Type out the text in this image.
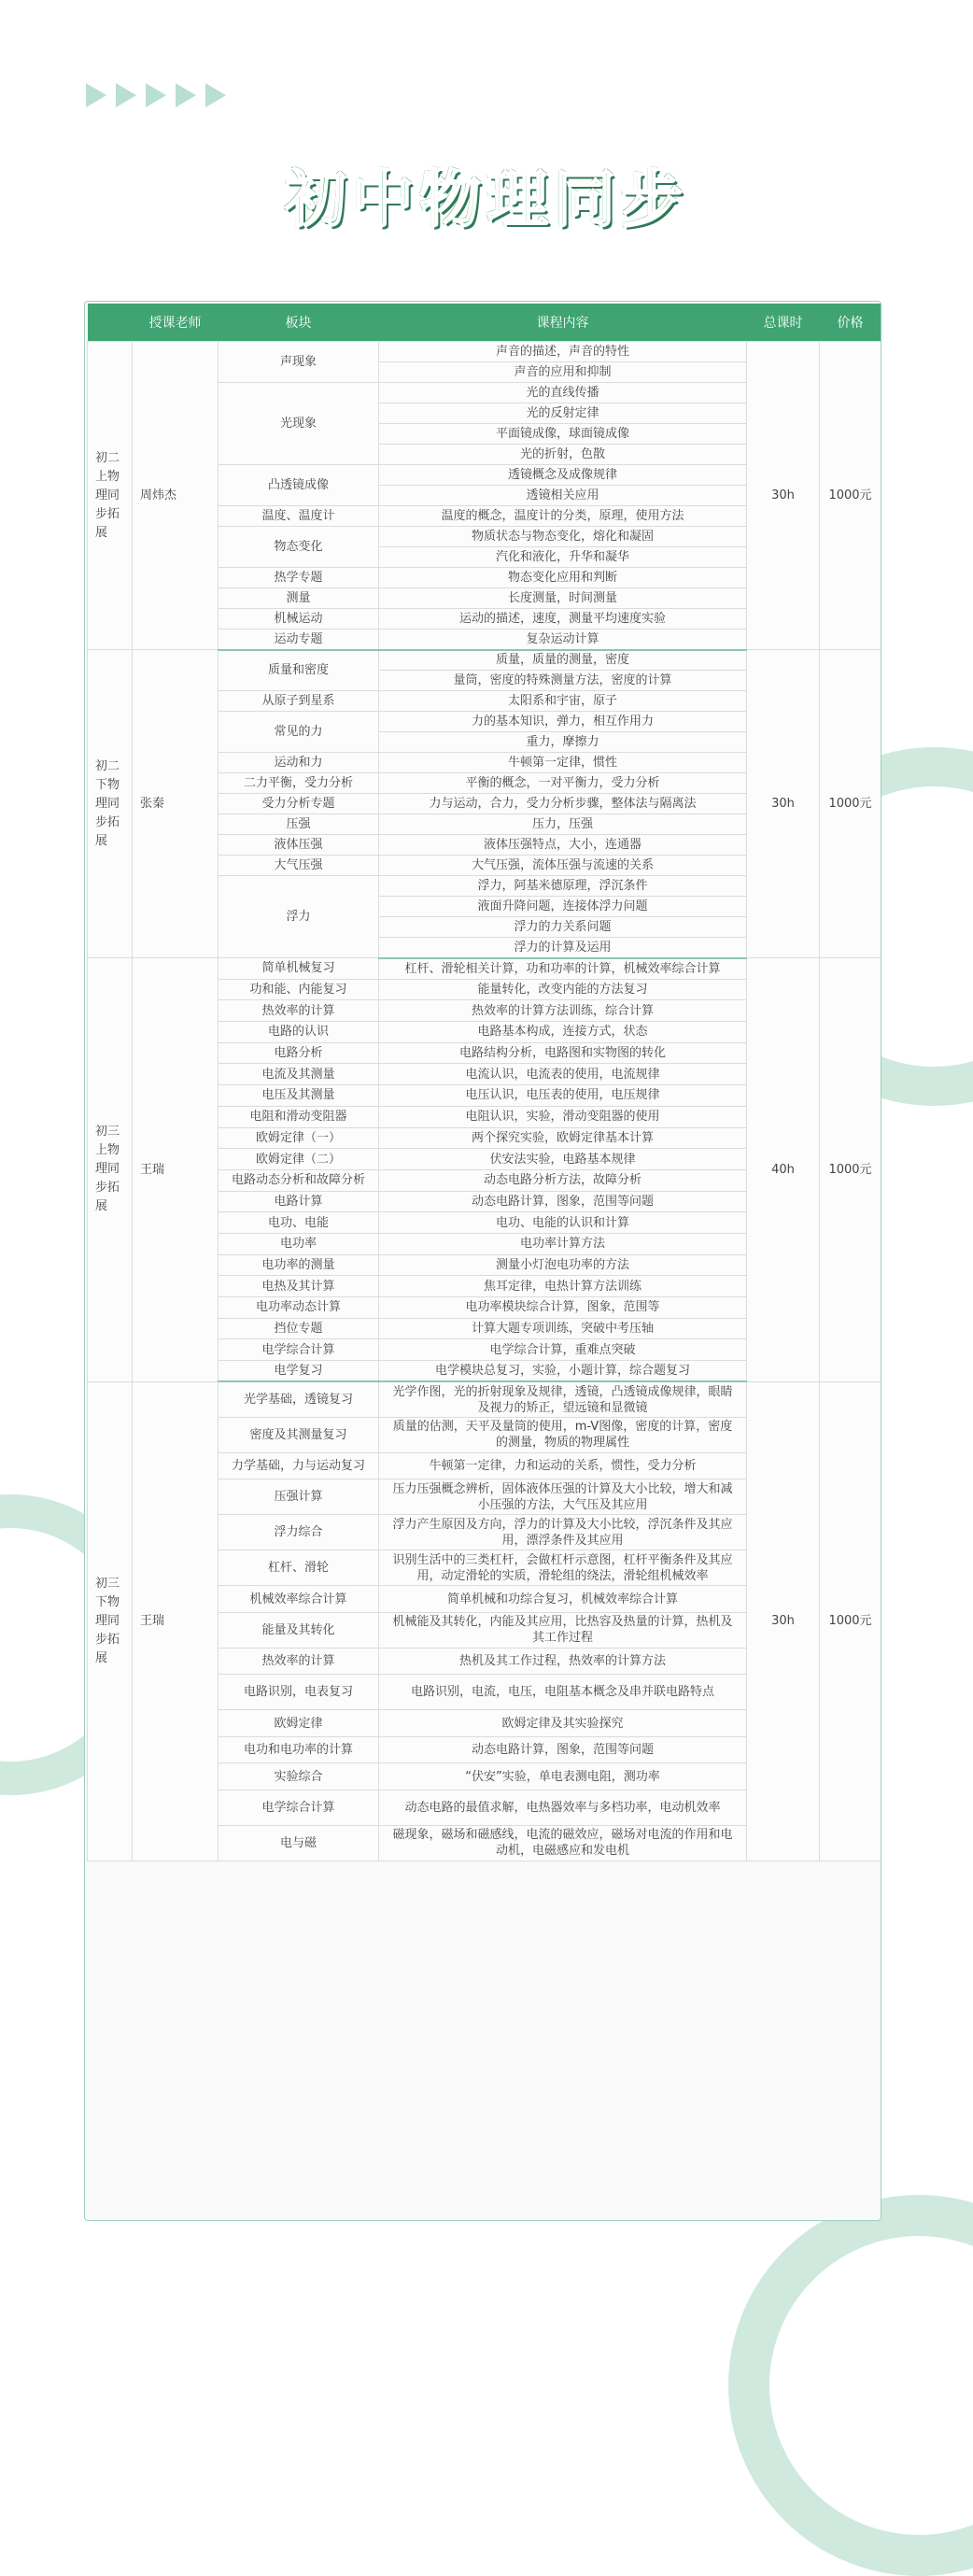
初中物理同步
	授课老师	板块	课程内容	总课时	价格
初二上物理同步拓展	周炜杰	声现象	声音的描述，声音的特性	30h	1000元
			声音的应用和抑制		
		光现象	光的直线传播		
			光的反射定律		
			平面镜成像，球面镜成像		
			光的折射，色散		
		凸透镜成像	透镜概念及成像规律		
			透镜相关应用		
		温度、温度计	温度的概念，温度计的分类，原理，使用方法		
		物态变化	物质状态与物态变化，熔化和凝固		
			汽化和液化，升华和凝华		
		热学专题	物态变化应用和判断		
		测量	长度测量，时间测量		
		机械运动	运动的描述，速度，测量平均速度实验		
		运动专题	复杂运动计算		
初二下物理同步拓展	张秦	质量和密度	质量，质量的测量，密度	30h	1000元
			量筒，密度的特殊测量方法，密度的计算		
		从原子到星系	太阳系和宇宙，原子		
		常见的力	力的基本知识，弹力，相互作用力		
			重力，摩擦力		
		运动和力	牛顿第一定律，惯性		
		二力平衡，受力分析	平衡的概念，一对平衡力，受力分析		
		受力分析专题	力与运动，合力，受力分析步骤，整体法与隔离法		
		压强	压力，压强		
		液体压强	液体压强特点，大小，连通器		
		大气压强	大气压强，流体压强与流速的关系		
		浮力	浮力，阿基米德原理，浮沉条件		
			液面升降问题，连接体浮力问题		
			浮力的力关系问题		
			浮力的计算及运用		
初三上物理同步拓展	王瑞	简单机械复习	杠杆、滑轮相关计算，功和功率的计算，机械效率综合计算	40h	1000元
		功和能、内能复习	能量转化，改变内能的方法复习		
		热效率的计算	热效率的计算方法训练，综合计算		
		电路的认识	电路基本构成，连接方式，状态		
		电路分析	电路结构分析，电路图和实物图的转化		
		电流及其测量	电流认识，电流表的使用，电流规律		
		电压及其测量	电压认识，电压表的使用，电压规律		
		电阻和滑动变阻器	电阻认识，实验，滑动变阻器的使用		
		欧姆定律（一）	两个探究实验，欧姆定律基本计算		
		欧姆定律（二）	伏安法实验，电路基本规律		
		电路动态分析和故障分析	动态电路分析方法，故障分析		
		电路计算	动态电路计算，图象，范围等问题		
		电功、电能	电功、电能的认识和计算		
		电功率	电功率计算方法		
		电功率的测量	测量小灯泡电功率的方法		
		电热及其计算	焦耳定律，电热计算方法训练		
		电功率动态计算	电功率模块综合计算，图象，范围等		
		挡位专题	计算大题专项训练，突破中考压轴		
		电学综合计算	电学综合计算，重难点突破		
		电学复习	电学模块总复习，实验，小题计算，综合题复习		
初三下物理同步拓展	王瑞	光学基础，透镜复习	光学作图，光的折射现象及规律，透镜，凸透镜成像规律，眼睛及视力的矫正，望远镜和显微镜	30h	1000元
		密度及其测量复习	质量的估测，天平及量筒的使用，m-V图像，密度的计算，密度的测量，物质的物理属性		
		力学基础，力与运动复习	牛顿第一定律，力和运动的关系，惯性，受力分析		
		压强计算	压力压强概念辨析，固体液体压强的计算及大小比较，增大和减小压强的方法，大气压及其应用		
		浮力综合	浮力产生原因及方向，浮力的计算及大小比较，浮沉条件及其应用，漂浮条件及其应用		
		杠杆、滑轮	识别生活中的三类杠杆，会做杠杆示意图，杠杆平衡条件及其应用，动定滑轮的实质，滑轮组的绕法，滑轮组机械效率		
		机械效率综合计算	简单机械和功综合复习，机械效率综合计算		
		能量及其转化	机械能及其转化，内能及其应用，比热容及热量的计算，热机及其工作过程		
		热效率的计算	热机及其工作过程，热效率的计算方法		
		电路识别，电表复习	电路识别，电流，电压，电阻基本概念及串并联电路特点		
		欧姆定律	欧姆定律及其实验探究		
		电功和电功率的计算	动态电路计算，图象，范围等问题		
		实验综合	“伏安”实验，单电表测电阻，测功率		
		电学综合计算	动态电路的最值求解，电热器效率与多档功率，电动机效率		
		电与磁	磁现象，磁场和磁感线，电流的磁效应，磁场对电流的作用和电动机，电磁感应和发电机		
